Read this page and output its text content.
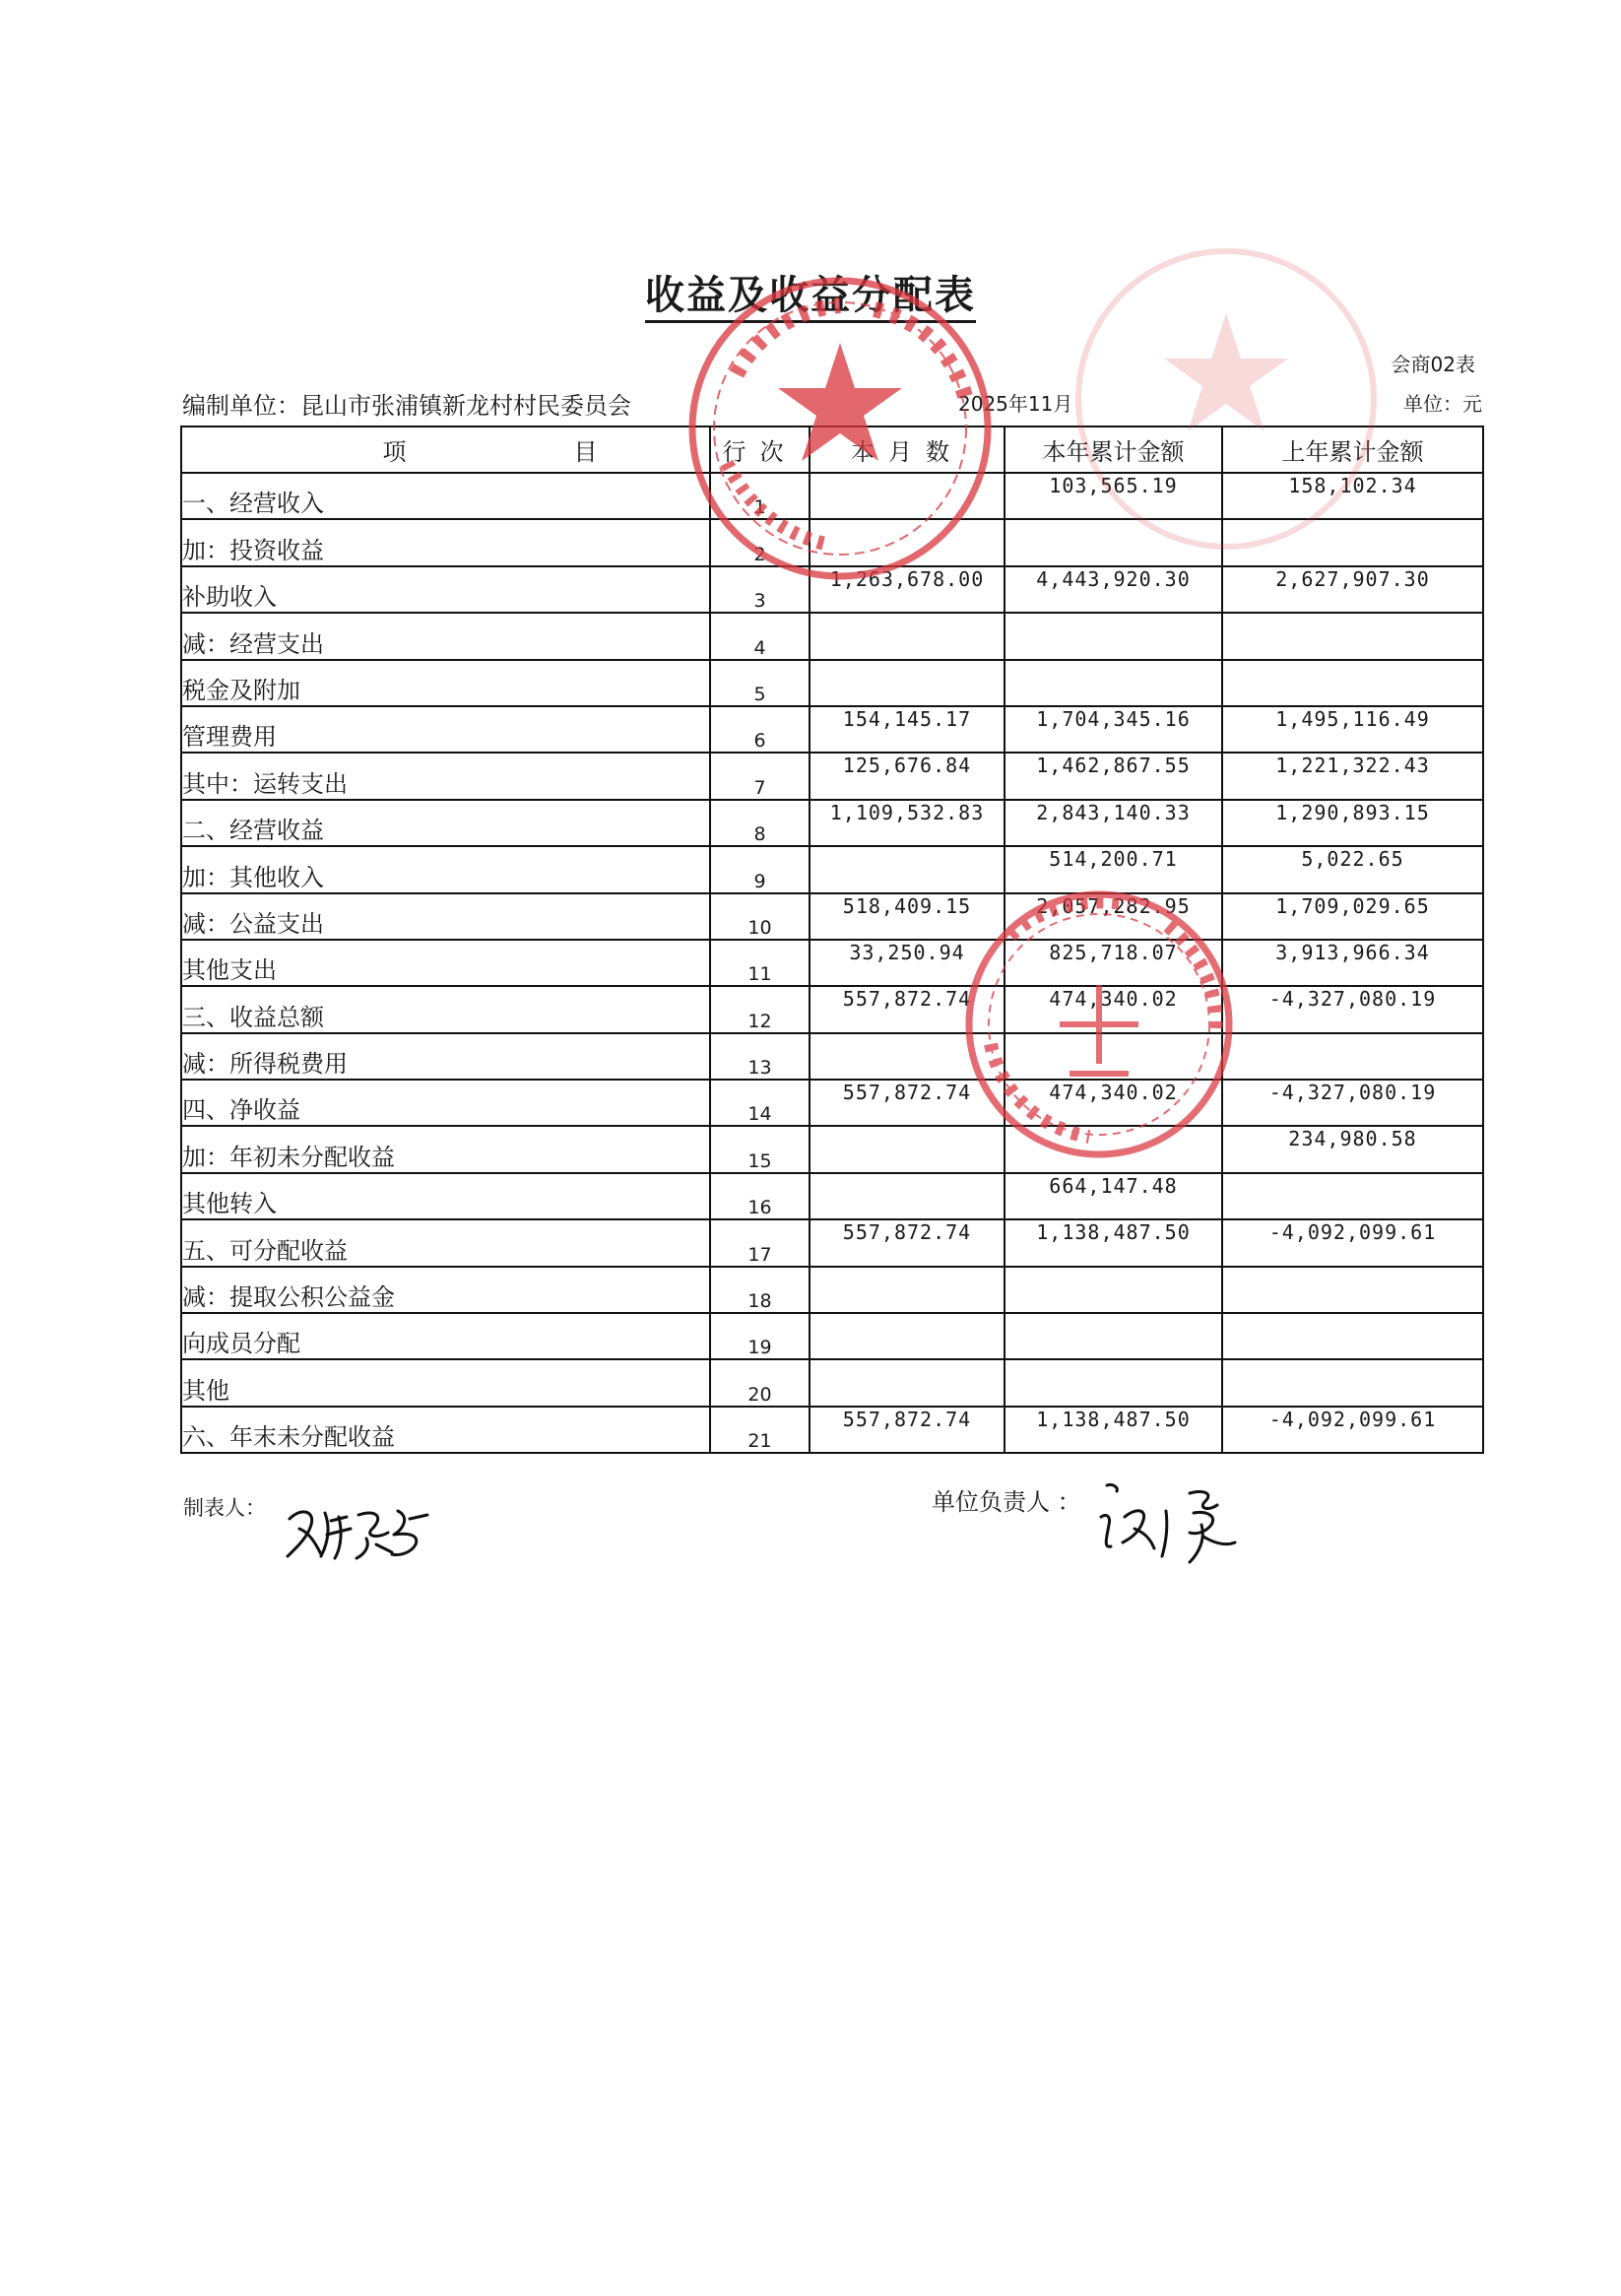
收益及收益分配表
会商02表
编制单位：昆山市张浦镇新龙村村民委员会	2025年11月	单位：元
项 目	行次	本月数	本年累计金额	上年累计金额
一、经营收入	1		103,565.19	158,102.34
加：投资收益	2			
补助收入	3	1,263,678.00	4,443,920.30	2,627,907.30
减：经营支出	4			
税金及附加	5			
管理费用	6	154,145.17	1,704,345.16	1,495,116.49
其中：运转支出	7	125,676.84	1,462,867.55	1,221,322.43
二、经营收益	8	1,109,532.83	2,843,140.33	1,290,893.15
加：其他收入	9		514,200.71	5,022.65
减：公益支出	10	518,409.15	2,057,282.95	1,709,029.65
其他支出	11	33,250.94	825,718.07	3,913,966.34
三、收益总额	12	557,872.74	474,340.02	-4,327,080.19
减：所得税费用	13			
四、净收益	14	557,872.74	474,340.02	-4,327,080.19
加：年初未分配收益	15			234,980.58
其他转入	16		664,147.48	
五、可分配收益	17	557,872.74	1,138,487.50	-4,092,099.61
减：提取公积公益金	18			
向成员分配	19			
其他	20			
六、年末未分配收益	21	557,872.74	1,138,487.50	-4,092,099.61
制表人：	单位负责人 ：
